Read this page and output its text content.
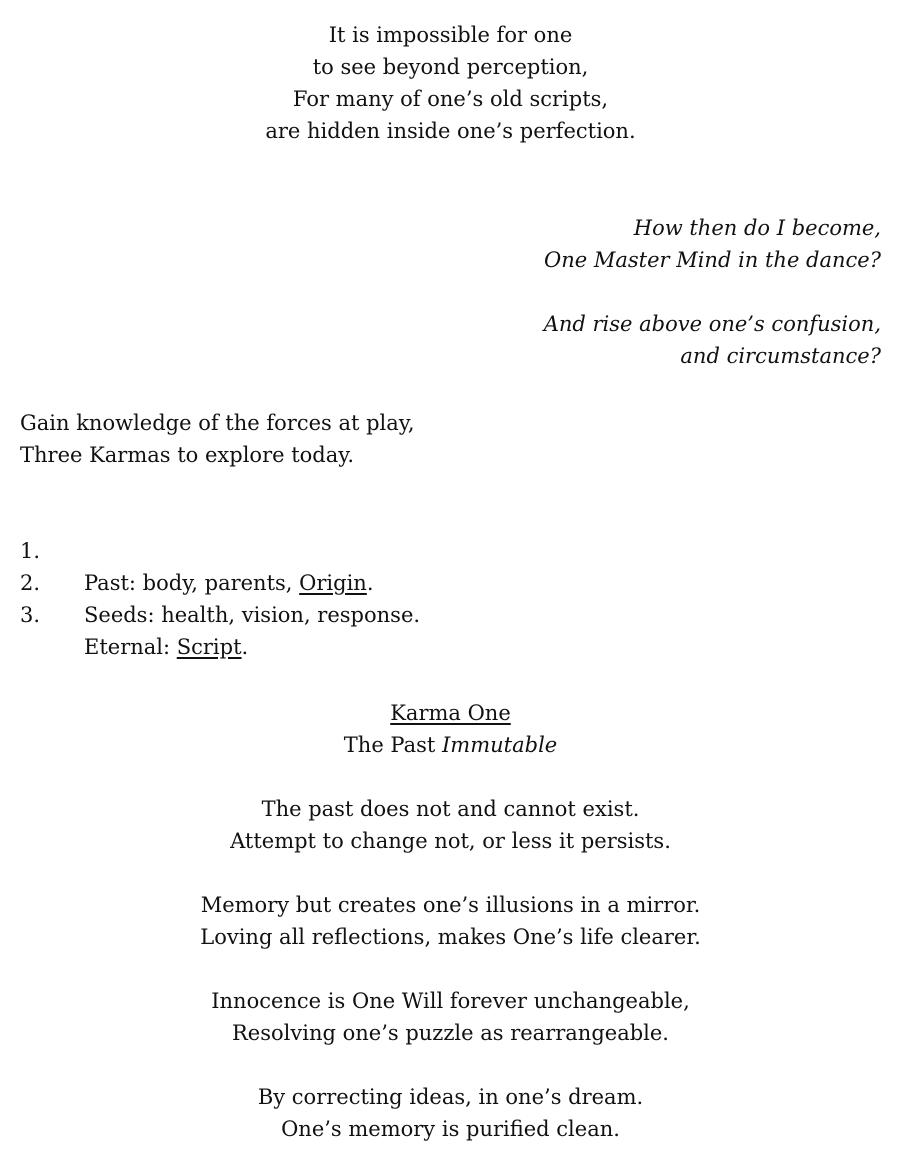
It is impossible for one

to see beyond perception,

For many of one’s old scripts,

are hidden inside one’s perfection.

How then do I become,

One Master Mind in the dance?

And rise above one’s confusion,

and circumstance?

Gain knowledge of the forces at play,

Three Karmas to explore today.

1.

Past: body, parents, Origin.

2.

Seeds: health, vision, response.

3.

Eternal: Script.

Karma One

The Past Immutable

The past does not and cannot exist.

Attempt to change not, or less it persists.

Memory but creates one’s illusions in a mirror.

Loving all reflections, makes One’s life clearer.

Innocence is One Will forever unchangeable,

Resolving one’s puzzle as rearrangeable.

By correcting ideas, in one’s dream.

One’s memory is purified clean.
